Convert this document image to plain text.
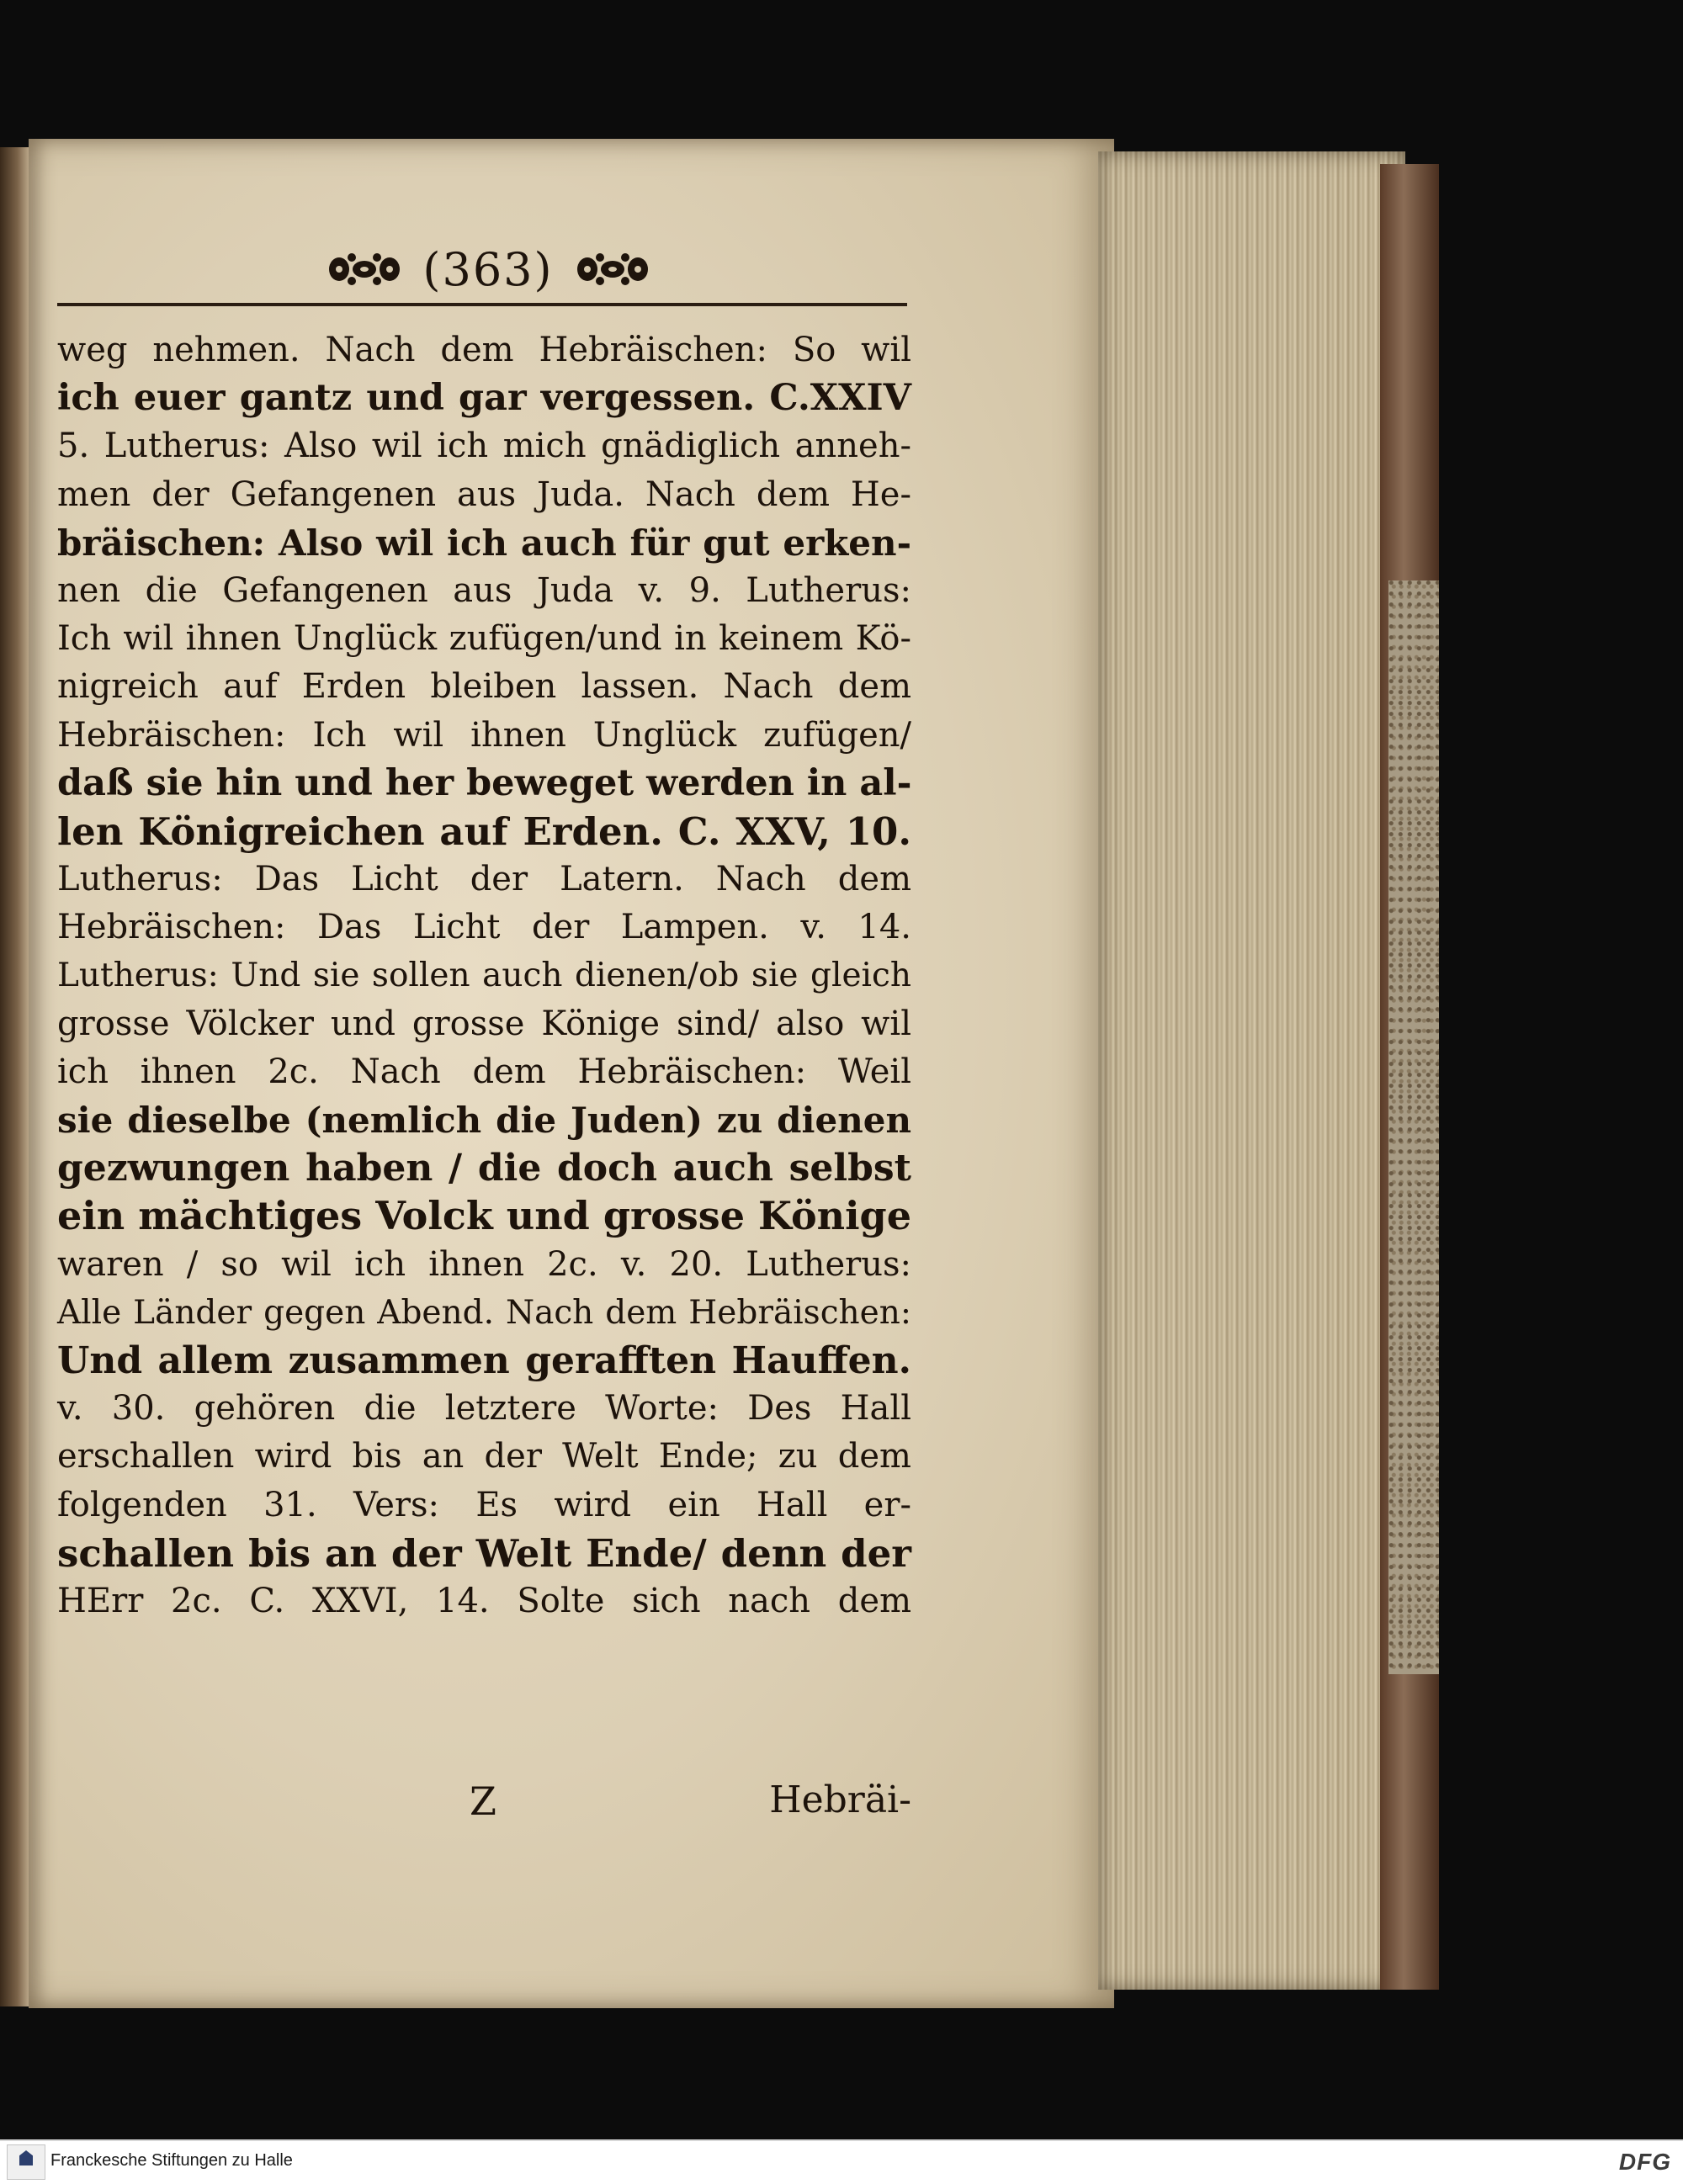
(363)
weg nehmen. Nach dem Hebräischen: So wil
ich euer gantz und gar vergessen. C.XXIV
5. Lutherus: Also wil ich mich gnädiglich anneh-
men der Gefangenen aus Juda. Nach dem He-
bräischen: Also wil ich auch für gut erken-
nen die Gefangenen aus Juda v. 9. Lutherus:
Ich wil ihnen Unglück zufügen/und in keinem Kö-
nigreich auf Erden bleiben lassen. Nach dem
Hebräischen: Ich wil ihnen Unglück zufügen/
daß sie hin und her beweget werden in al-
len Königreichen auf Erden. C. XXV, 10.
Lutherus: Das Licht der Latern. Nach dem
Hebräischen: Das Licht der Lampen. v. 14.
Lutherus: Und sie sollen auch dienen/ob sie gleich
grosse Völcker und grosse Könige sind/ also wil
ich ihnen 2c. Nach dem Hebräischen: Weil
sie dieselbe (nemlich die Juden) zu dienen
gezwungen haben / die doch auch selbst
ein mächtiges Volck und grosse Könige
waren / so wil ich ihnen 2c. v. 20. Lutherus:
Alle Länder gegen Abend. Nach dem Hebräischen:
Und allem zusammen gerafften Hauffen.
v. 30. gehören die letztere Worte: Des Hall
erschallen wird bis an der Welt Ende; zu dem
folgenden 31. Vers: Es wird ein Hall er-
schallen bis an der Welt Ende/ denn der
HErr 2c. C. XXVI, 14. Solte sich nach dem
Z	Hebräi-
Franckesche Stiftungen zu Halle	DFG
